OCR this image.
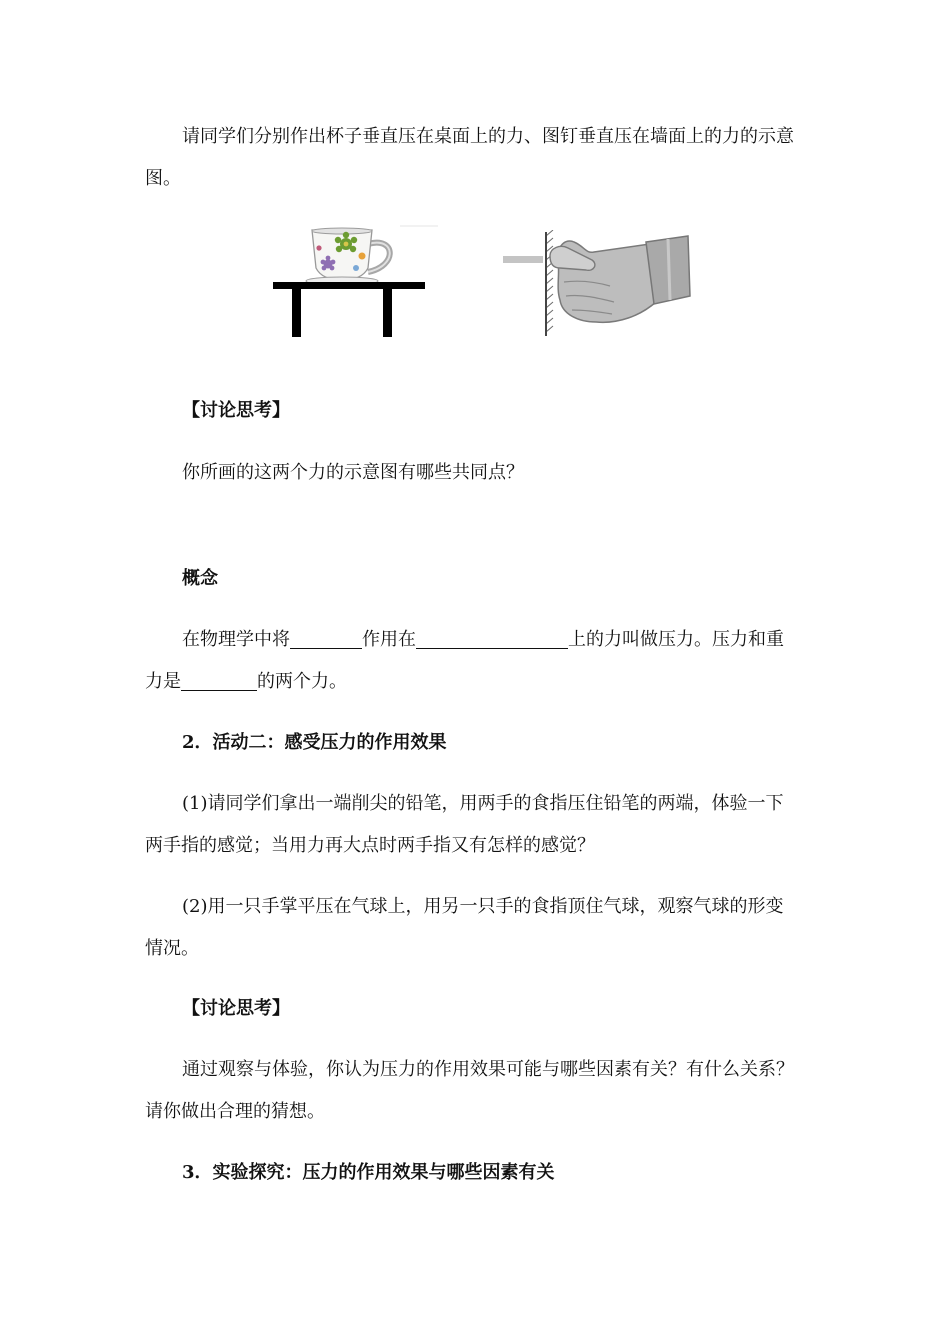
请同学们分别作出杯子垂直压在桌面上的力、图钉垂直压在墙面上的力的示意图。
【讨论思考】
你所画的这两个力的示意图有哪些共同点？
概念
在物理学中将	作用在	上的力叫做压力。压力和重力是	的两个力。
2．活动二：感受压力的作用效果
(1)请同学们拿出一端削尖的铅笔，用两手的食指压住铅笔的两端，体验一下两手指的感觉；当用力再大点时两手指又有怎样的感觉？
(2)用一只手掌平压在气球上，用另一只手的食指顶住气球，观察气球的形变情况。
【讨论思考】
通过观察与体验，你认为压力的作用效果可能与哪些因素有关？有什么关系？请你做出合理的猜想。
3．实验探究：压力的作用效果与哪些因素有关
